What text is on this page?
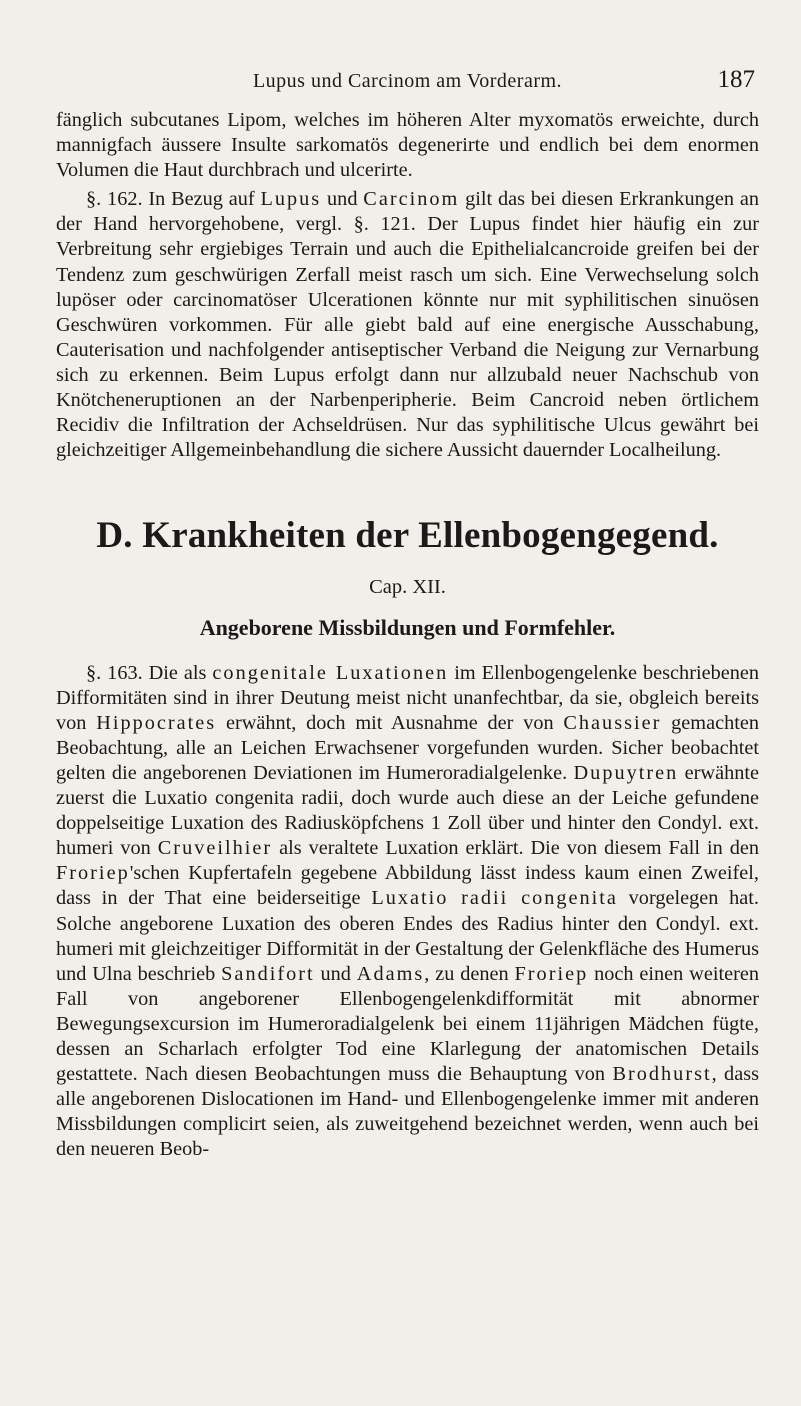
Lupus und Carcinom am Vorderarm.	187

fänglich subcutanes Lipom, welches im höheren Alter myxomatös erweichte, durch mannigfach äussere Insulte sarkomatös degenerirte und endlich bei dem enormen Volumen die Haut durchbrach und ulcerirte.

§. 162. In Bezug auf Lupus und Carcinom gilt das bei diesen Erkrankungen an der Hand hervorgehobene, vergl. §. 121. Der Lupus findet hier häufig ein zur Verbreitung sehr ergiebiges Terrain und auch die Epithelialcancroide greifen bei der Tendenz zum geschwürigen Zerfall meist rasch um sich. Eine Verwechselung solch lupöser oder carcinomatöser Ulcerationen könnte nur mit syphilitischen sinuösen Geschwüren vorkommen. Für alle giebt bald auf eine energische Ausschabung, Cauterisation und nachfolgender antiseptischer Verband die Neigung zur Vernarbung sich zu erkennen. Beim Lupus erfolgt dann nur allzubald neuer Nachschub von Knötcheneruptionen an der Narbenperipherie. Beim Cancroid neben örtlichem Recidiv die Infiltration der Achseldrüsen. Nur das syphilitische Ulcus gewährt bei gleichzeitiger Allgemeinbehandlung die sichere Aussicht dauernder Localheilung.

D. Krankheiten der Ellenbogengegend.
Cap. XII.
Angeborene Missbildungen und Formfehler.

§. 163. Die als congenitale Luxationen im Ellenbogengelenke beschriebenen Difformitäten sind in ihrer Deutung meist nicht unanfechtbar, da sie, obgleich bereits von Hippocrates erwähnt, doch mit Ausnahme der von Chaussier gemachten Beobachtung, alle an Leichen Erwachsener vorgefunden wurden. Sicher beobachtet gelten die angeborenen Deviationen im Humeroradialgelenke. Dupuytren erwähnte zuerst die Luxatio congenita radii, doch wurde auch diese an der Leiche gefundene doppelseitige Luxation des Radiusköpfchens 1 Zoll über und hinter den Condyl. ext. humeri von Cruveilhier als veraltete Luxation erklärt. Die von diesem Fall in den Froriep'schen Kupfertafeln gegebene Abbildung lässt indess kaum einen Zweifel, dass in der That eine beiderseitige Luxatio radii congenita vorgelegen hat. Solche angeborene Luxation des oberen Endes des Radius hinter den Condyl. ext. humeri mit gleichzeitiger Difformität in der Gestaltung der Gelenkfläche des Humerus und Ulna beschrieb Sandifort und Adams, zu denen Froriep noch einen weiteren Fall von angeborener Ellenbogengelenkdifformität mit abnormer Bewegungsexcursion im Humeroradialgelenk bei einem 11jährigen Mädchen fügte, dessen an Scharlach erfolgter Tod eine Klarlegung der anatomischen Details gestattete. Nach diesen Beobachtungen muss die Behauptung von Brodhurst, dass alle angeborenen Dislocationen im Hand- und Ellenbogengelenke immer mit anderen Missbildungen complicirt seien, als zuweitgehend bezeichnet werden, wenn auch bei den neueren Beob-
